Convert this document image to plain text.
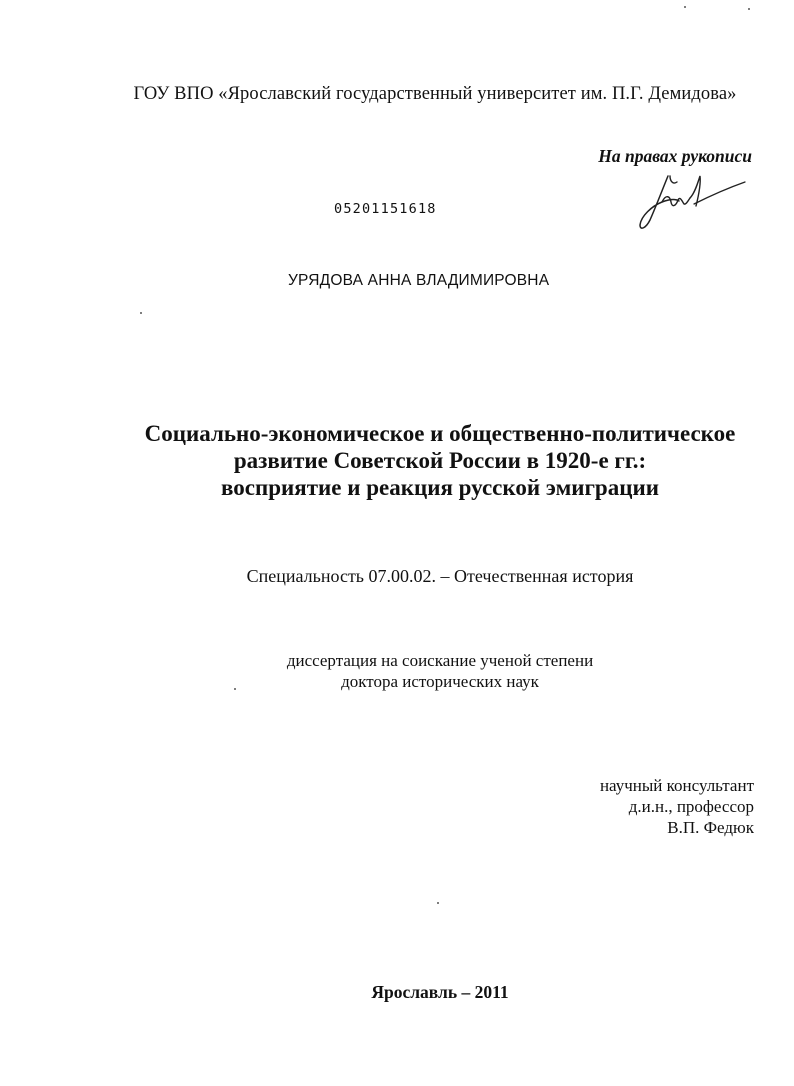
ГОУ ВПО «Ярославский государственный университет им. П.Г. Демидова»
На правах рукописи
05201151618
УРЯДОВА АННА ВЛАДИМИРОВНА
Социально-экономическое и общественно-политическое
развитие Советской России в 1920-е гг.:
восприятие и реакция русской эмиграции
Специальность 07.00.02. – Отечественная история
диссертация на соискание ученой степени
доктора исторических наук
научный консультант
д.и.н., профессор
В.П. Федюк
Ярославль – 2011
